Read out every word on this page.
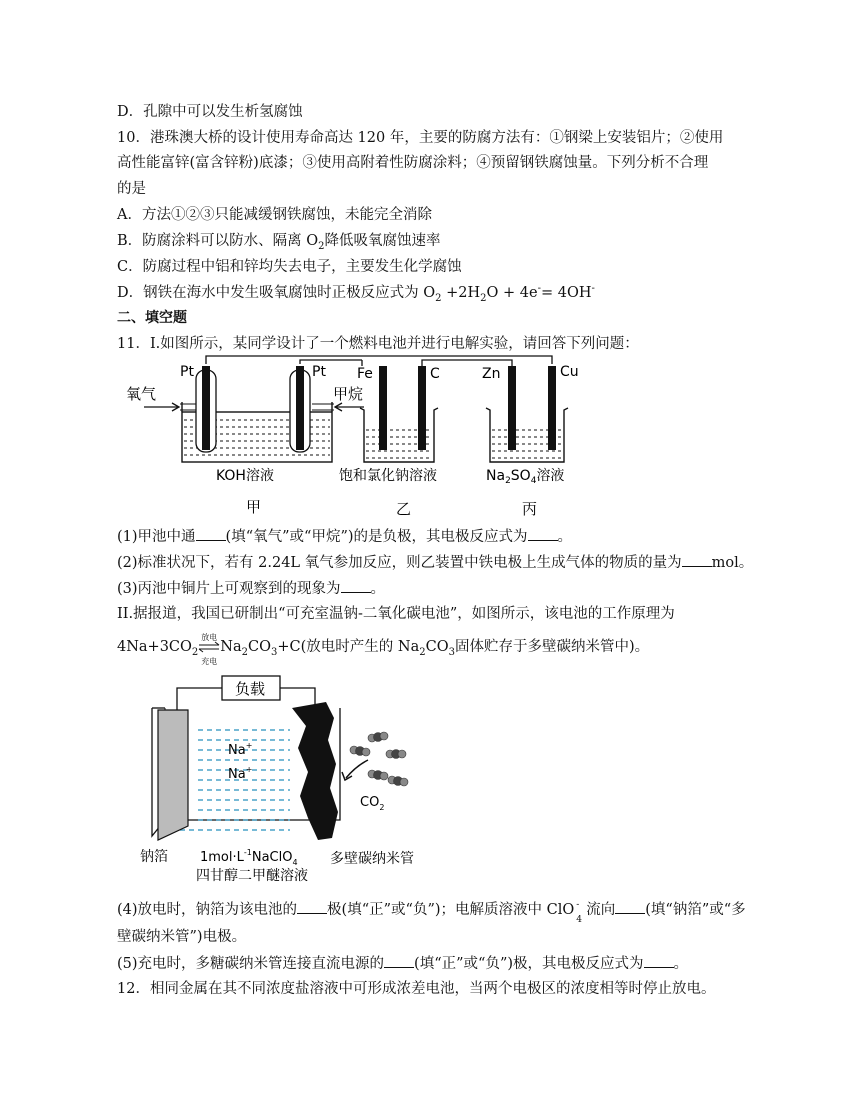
D．孔隙中可以发生析氢腐蚀
10．港珠澳大桥的设计使用寿命高达 120 年，主要的防腐方法有：①钢梁上安装铝片；②使用
高性能富锌(富含锌粉)底漆；③使用高附着性防腐涂料；④预留钢铁腐蚀量。下列分析不合理
的是
A．方法①②③只能减缓钢铁腐蚀，未能完全消除
B．防腐涂料可以防水、隔离 $O_2$降低吸氧腐蚀速率
C．防腐过程中铝和锌均失去电子，主要发生化学腐蚀
D．钢铁在海水中发生吸氧腐蚀时正极反应式为 $O_2 +2H_2O + 4e^-= 4OH^-$
二、填空题
11．I.如图所示，某同学设计了一个燃料电池并进行电解实验，请回答下列问题：
Pt	Pt Fe	C	Zn	Cu
氧气	甲烷
KOH溶液	饱和氯化钠溶液	$Na_2SO_4$溶液
甲	乙	丙
(1)甲池中通 (填“氧气”或“甲烷”)的是负极，其电极反应式为 。
(2)标准状况下，若有 2.24L 氧气参加反应，则乙装置中铁电极上生成气体的物质的量为 mol。
(3)丙池中铜片上可观察到的现象为 。
II.据报道，我国已研制出“可充室温钠-二氧化碳电池”，如图所示，该电池的工作原理为
$4Na+3CO_2$
放电
充电
$Na_2CO_3+C$(放电时产生的 $Na_2CO_3$固体贮存于多壁碳纳米管中)。
负载
Na+
Na+
$CO_2$
钠箔 $1mol\cdot L^{-1}NaClO_4$
四甘醇二甲醚溶液
多壁碳纳米管
(4)放电时，钠箔为该电池的 极(填“正”或“负”)；电解质溶液中 ClO -
4
流向 (填“钠箔”或“多
壁碳纳米管”)电极。
(5)充电时，多糖碳纳米管连接直流电源的 (填“正”或“负”)极，其电极反应式为 。
12．相同金属在其不同浓度盐溶液中可形成浓差电池，当两个电极区的浓度相等时停止放电。
